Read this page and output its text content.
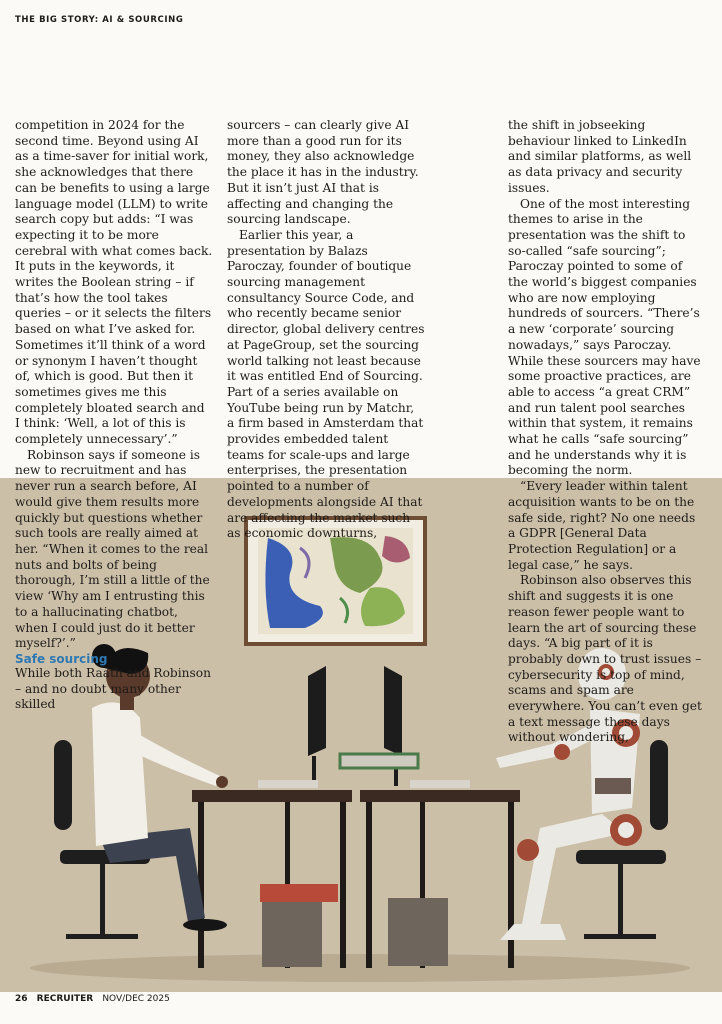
THE BIG STORY: AI & SOURCING

competition in 2024 for the second time. Beyond using AI as a time-saver for initial work, she acknowledges that there can be benefits to using a large language model (LLM) to write search copy but adds: “I was expecting it to be more cerebral with what comes back. It puts in the keywords, it writes the Boolean string – if that’s how the tool takes queries – or it selects the filters based on what I’ve asked for. Sometimes it’ll think of a word or synonym I haven’t thought of, which is good. But then it sometimes gives me this completely bloated search and I think: ‘Well, a lot of this is completely unnecessary’.”

Robinson says if someone is new to recruitment and has never run a search before, AI would give them results more quickly but questions whether such tools are really aimed at her. “When it comes to the real nuts and bolts of being thorough, I’m still a little of the view ‘Why am I entrusting this to a hallucinating chatbot, when I could just do it better myself?’.”

Safe sourcing

While both Raath and Robinson – and no doubt many other skilled

sourcers – can clearly give AI more than a good run for its money, they also acknowledge the place it has in the industry. But it isn’t just AI that is affecting and changing the sourcing landscape.

Earlier this year, a presentation by Balazs Paroczay, founder of boutique sourcing management consultancy Source Code, and who recently became senior director, global delivery centres at PageGroup, set the sourcing world talking not least because it was entitled End of Sourcing. Part of a series available on YouTube being run by Matchr, a firm based in Amsterdam that provides embedded talent teams for scale-ups and large enterprises, the presentation pointed to a number of developments alongside AI that are affecting the market such as economic downturns,

the shift in jobseeking behaviour linked to LinkedIn and similar platforms, as well as data privacy and security issues.

One of the most interesting themes to arise in the presentation was the shift to so-called “safe sourcing”; Paroczay pointed to some of the world’s biggest companies who are now employing hundreds of sourcers. “There’s a new ‘corporate’ sourcing nowadays,” says Paroczay. While these sourcers may have some proactive practices, are able to access “a great CRM” and run talent pool searches within that system, it remains what he calls “safe sourcing” and he understands why it is becoming the norm.

“Every leader within talent acquisition wants to be on the safe side, right? No one needs a GDPR [General Data Protection Regulation] or a legal case,” he says.

Robinson also observes this shift and suggests it is one reason fewer people want to learn the art of sourcing these days. “A big part of it is probably down to trust issues – cybersecurity is top of mind, scams and spam are everywhere. You can’t even get a text message these days without wondering,

26 RECRUITER NOV/DEC 2025
